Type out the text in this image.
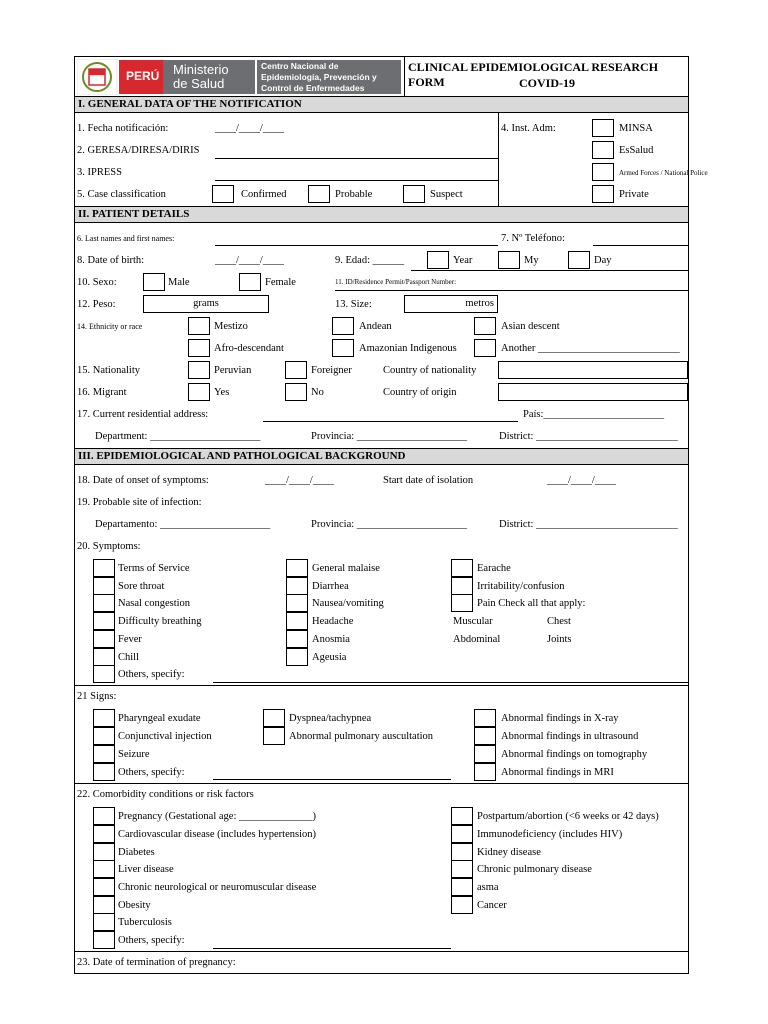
PERÚ Ministerio
de Salud
Centro Nacional de
Epidemiología, Prevención y
Control de Enfermedades
CLINICAL EPIDEMIOLOGICAL RESEARCH FORM	COVID-19
I. GENERAL DATA OF THE NOTIFICATION
1. Fecha notificación:	____/____/____
2. GERESA/DIRESA/DIRIS
3. IPRESS
5. Case classification	Confirmed	Probable	Suspect
4. Inst. Adm:	MINSA
EsSalud
Armed Forces / National Police
Private
II. PATIENT DETAILS
6. Last names and first names:	7. Nº Teléfono:
8. Date of birth:	____/____/____	9. Edad: ______	Year	My	Day
10. Sexo:	Male	Female	11. ID/Residence Permit/Passport Number:
12. Peso:	grams	13. Size:	metros
14. Ethnicity or race	Mestizo	Andean	Asian descent
Afro-descendant	Amazonian Indigenous	Another ___________________________
15. Nationality	Peruvian	Foreigner	Country of nationality
16. Migrant	Yes	No	Country of origin
17. Current residential address:	País:_______________________
Department: _____________________	Provincia: _____________________	District: ___________________________
III. EPIDEMIOLOGICAL AND PATHOLOGICAL BACKGROUND
18. Date of onset of symptoms:	____/____/____	Start date of isolation	____/____/____
19. Probable site of infection:
Departamento: _____________________	Provincia: _____________________	District: ___________________________
20. Symptoms:
Terms of Service
Sore throat
Nasal congestion
Difficulty breathing
Fever
Chill
Others, specify:
General malaise
Diarrhea
Nausea/vomiting
Headache
Anosmia
Ageusia
Earache
Irritability/confusion
Pain Check all that apply:
Muscular	Chest
Abdominal	Joints
21 Signs:
Pharyngeal exudate
Conjunctival injection
Seizure
Others, specify:
Dyspnea/tachypnea
Abnormal pulmonary auscultation
Abnormal findings in X-ray
Abnormal findings in ultrasound
Abnormal findings on tomography
Abnormal findings in MRI
22. Comorbidity conditions or risk factors
Pregnancy (Gestational age: ______________)
Cardiovascular disease (includes hypertension)
Diabetes
Liver disease
Chronic neurological or neuromuscular disease
Obesity
Tuberculosis
Others, specify:
Postpartum/abortion (<6 weeks or 42 days)
Immunodeficiency (includes HIV)
Kidney disease
Chronic pulmonary disease
asma
Cancer
23. Date of termination of pregnancy:
